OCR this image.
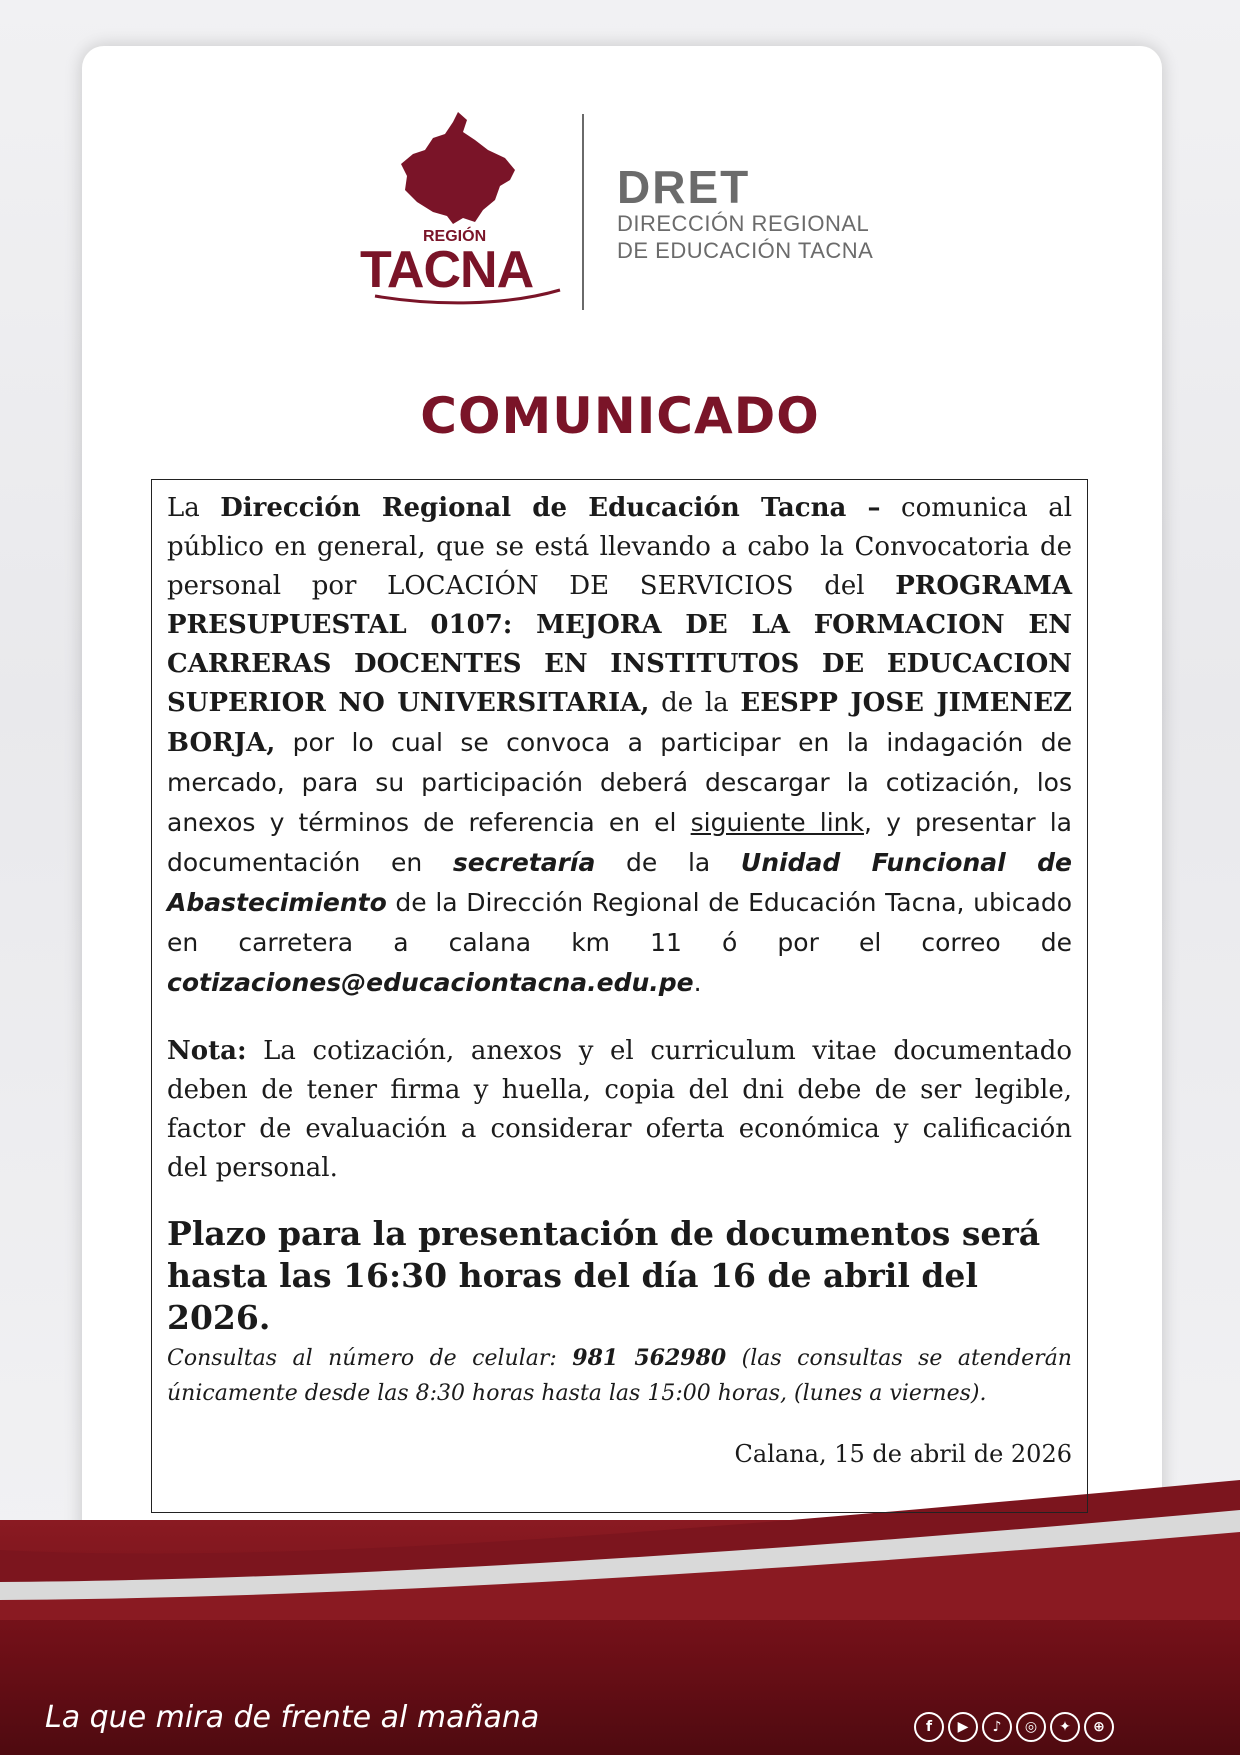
REGIÓN
TACNA
DRET
DIRECCIÓN REGIONAL
DE EDUCACIÓN TACNA
COMUNICADO
La Dirección Regional de Educación Tacna – comunica al público en general, que se está llevando a cabo la Convocatoria de personal por LOCACIÓN DE SERVICIOS del PROGRAMA PRESUPUESTAL 0107: MEJORA DE LA FORMACION EN CARRERAS DOCENTES EN INSTITUTOS DE EDUCACION SUPERIOR NO UNIVERSITARIA, de la EESPP JOSE JIMENEZ BORJA, por lo cual se convoca a participar en la indagación de mercado, para su participación deberá descargar la cotización, los anexos y términos de referencia en el siguiente link, y presentar la documentación en secretaría de la Unidad Funcional de Abastecimiento de la Dirección Regional de Educación Tacna, ubicado en carretera a calana km 11 ó por el correo de cotizaciones@educaciontacna.edu.pe.
Nota: La cotización, anexos y el curriculum vitae documentado deben de tener firma y huella, copia del dni debe de ser legible, factor de evaluación a considerar oferta económica y calificación del personal.
Plazo para la presentación de documentos será hasta las 16:30 horas del día 16 de abril del 2026.
Consultas al número de celular: 981 562980 (las consultas se atenderán únicamente desde las 8:30 horas hasta las 15:00 horas, (lunes a viernes).
Calana, 15 de abril de 2026
La que mira de frente al mañana	f	▶	♪	◎	✦	⊕
